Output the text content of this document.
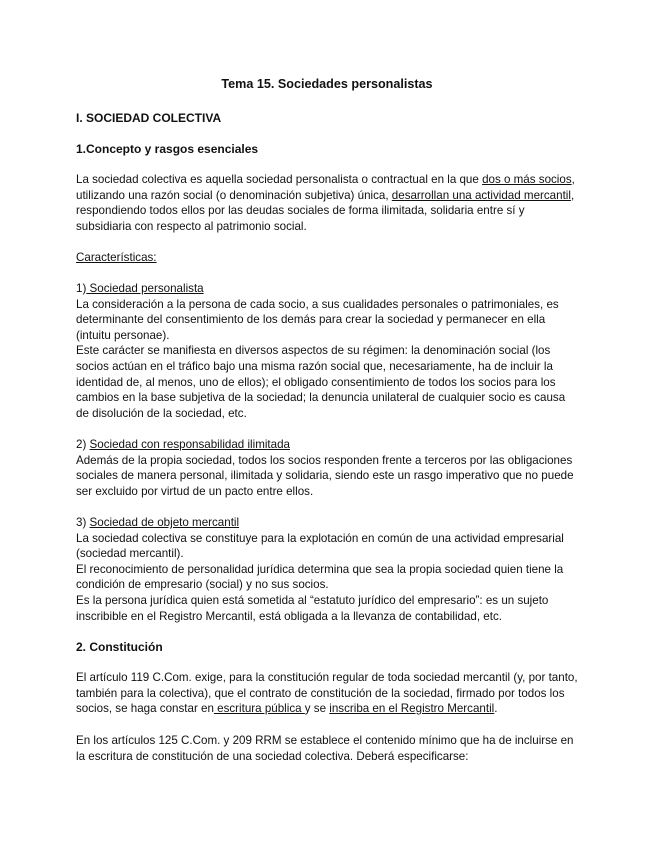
Tema 15. Sociedades personalistas
I. SOCIEDAD COLECTIVA
1.Concepto y rasgos esenciales

La sociedad colectiva es aquella sociedad personalista o contractual en la que dos o más socios, utilizando una razón social (o denominación subjetiva) única, desarrollan una actividad mercantil, respondiendo todos ellos por las deudas sociales de forma ilimitada, solidaria entre sí y subsidiaria con respecto al patrimonio social.

Características:

1) Sociedad personalista

La consideración a la persona de cada socio, a sus cualidades personales o patrimoniales, es determinante del consentimiento de los demás para crear la sociedad y permanecer en ella (intuitu personae).

Este carácter se manifiesta en diversos aspectos de su régimen: la denominación social (los socios actúan en el tráfico bajo una misma razón social que, necesariamente, ha de incluir la identidad de, al menos, uno de ellos); el obligado consentimiento de todos los socios para los cambios en la base subjetiva de la sociedad; la denuncia unilateral de cualquier socio es causa de disolución de la sociedad, etc.

2) Sociedad con responsabilidad ilimitada

Además de la propia sociedad, todos los socios responden frente a terceros por las obligaciones sociales de manera personal, ilimitada y solidaria, siendo este un rasgo imperativo que no puede ser excluido por virtud de un pacto entre ellos.

3) Sociedad de objeto mercantil

La sociedad colectiva se constituye para la explotación en común de una actividad empresarial (sociedad mercantil).

El reconocimiento de personalidad jurídica determina que sea la propia sociedad quien tiene la condición de empresario (social) y no sus socios.

Es la persona jurídica quien está sometida al “estatuto jurídico del empresario”: es un sujeto inscribible en el Registro Mercantil, está obligada a la llevanza de contabilidad, etc.

2. Constitución

El artículo 119 C.Com. exige, para la constitución regular de toda sociedad mercantil (y, por tanto, también para la colectiva), que el contrato de constitución de la sociedad, firmado por todos los socios, se haga constar en escritura pública y se inscriba en el Registro Mercantil.

En los artículos 125 C.Com. y 209 RRM se establece el contenido mínimo que ha de incluirse en la escritura de constitución de una sociedad colectiva. Deberá especificarse:
